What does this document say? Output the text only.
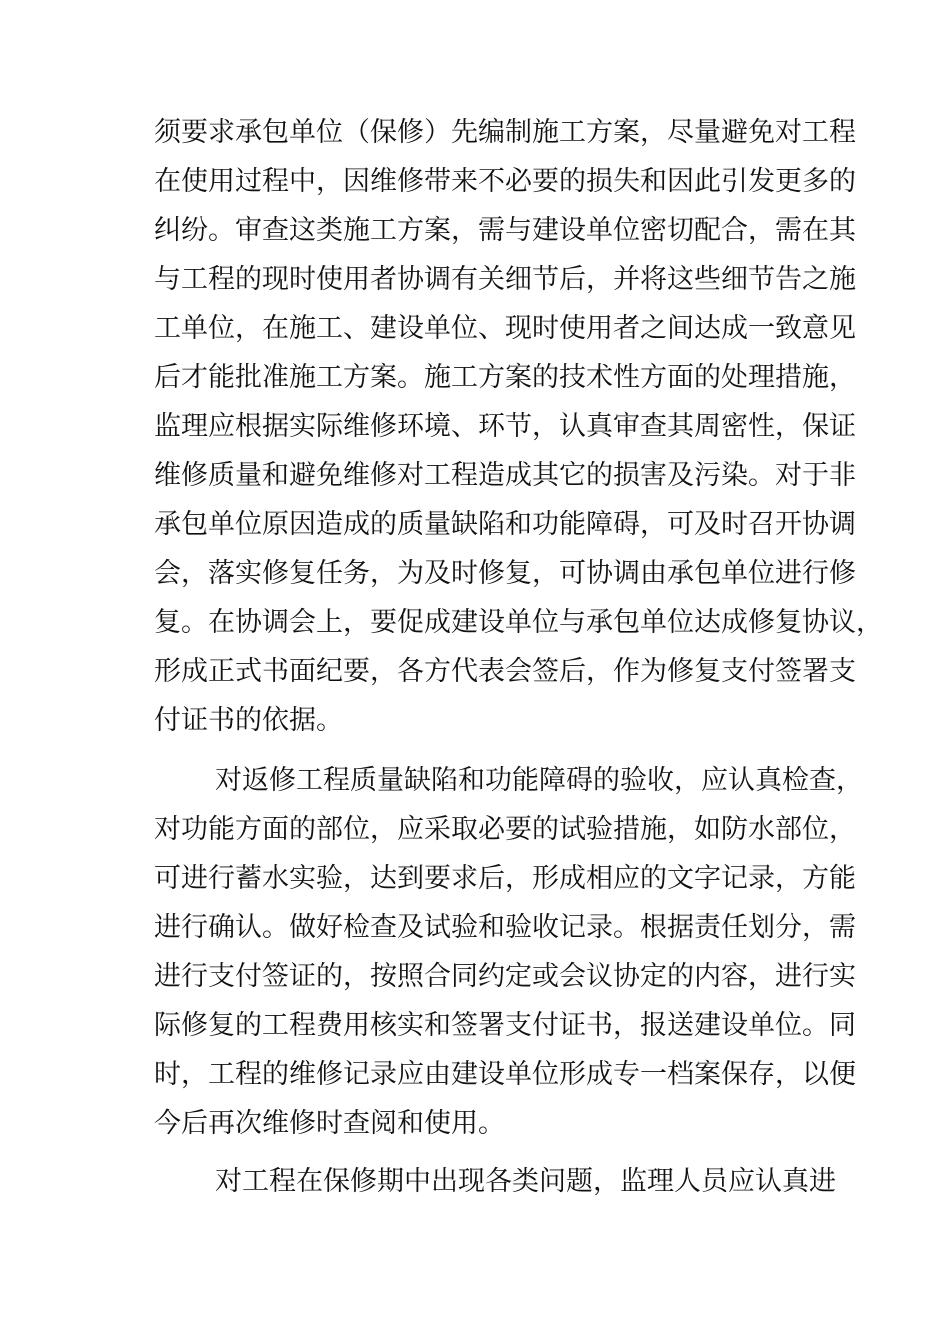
须要求承包单位（保修）先编制施工方案，尽量避免对工程
在使用过程中，因维修带来不必要的损失和因此引发更多的
纠纷。审查这类施工方案，需与建设单位密切配合，需在其
与工程的现时使用者协调有关细节后，并将这些细节告之施
工单位，在施工、建设单位、现时使用者之间达成一致意见
后才能批准施工方案。施工方案的技术性方面的处理措施，
监理应根据实际维修环境、环节，认真审查其周密性，保证
维修质量和避免维修对工程造成其它的损害及污染。对于非
承包单位原因造成的质量缺陷和功能障碍，可及时召开协调
会，落实修复任务，为及时修复，可协调由承包单位进行修
复。在协调会上，要促成建设单位与承包单位达成修复协议，
形成正式书面纪要，各方代表会签后，作为修复支付签署支
付证书的依据。
对返修工程质量缺陷和功能障碍的验收，应认真检查，
对功能方面的部位，应采取必要的试验措施，如防水部位，
可进行蓄水实验，达到要求后，形成相应的文字记录，方能
进行确认。做好检查及试验和验收记录。根据责任划分，需
进行支付签证的，按照合同约定或会议协定的内容，进行实
际修复的工程费用核实和签署支付证书，报送建设单位。同
时，工程的维修记录应由建设单位形成专一档案保存，以便
今后再次维修时查阅和使用。
对工程在保修期中出现各类问题，监理人员应认真进
